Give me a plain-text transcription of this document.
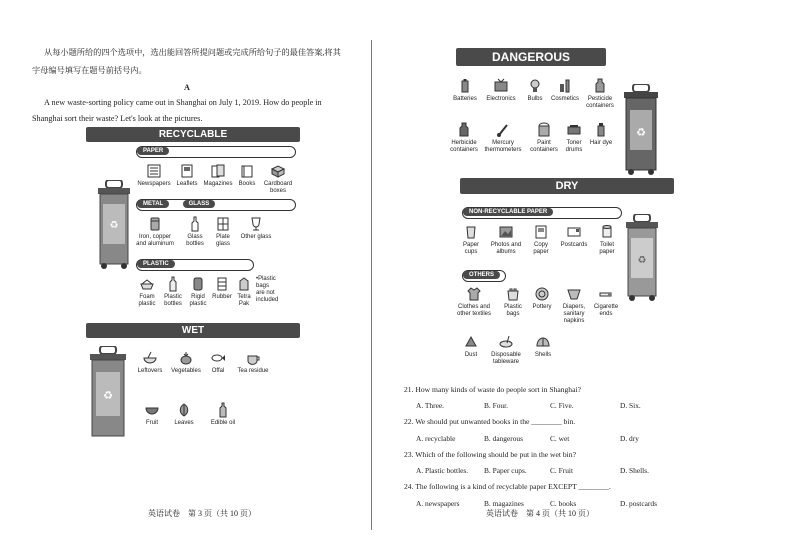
从每小题所给的四个选项中，选出能回答所提问题或完成所给句子的最佳答案,将其
字母编号填写在题号前括号内。
A
A new waste-sorting policy came out in Shanghai on July 1, 2019. How do people in
Shanghai sort their waste? Let's look at the pictures.
RECYCLABLE
♻
PAPER
Newspapers Leaflets Magazines	Books	Cardboard
boxes
METAL	GLASS
Iron, copper
and aluminum
Glass
bottles
Plate
glass
Other glass
PLASTIC
Foam
plastic
Plastic
bottles
Rigid
plastic
Rubber Tetra
Pak
•Plastic
bags
are not
included
WET
♻
Leftovers	Vegetables	Offal	Tea residue
Fruit	Leaves	Edible oil
英语试卷　第 3 页（共 10 页）
DANGEROUS
Batteries	Electronics	Bulbs	Cosmetics	Pesticide
containers
Herbicide
containers
Mercury
thermometers
Paint
containers
Toner
drums
Hair dye
♻
DRY
NON-RECYCLABLE PAPER
Paper
cups
Photos and
albums
Copy
paper
Postcards	Toilet
paper
♻
OTHERS
Clothes and
other textiles
Plastic
bags
Pottery	Diapers,
sanitary
napkins
Cigarette
ends
Dust	Disposable
tableware
Shells
21. How many kinds of waste do people sort in Shanghai?
A. Three.	B. Four.	C. Five.	D. Six.
22. We should put unwanted books in the ________ bin.
A. recyclable	B. dangerous	C. wet	D. dry
23. Which of the following should be put in the wet bin?
A. Plastic bottles. B. Paper cups.	C. Fruit	D. Shells.
24. The following is a kind of recyclable paper EXCEPT ________.
A. newspapers	B. magazines	C. books	D. postcards
英语试卷　第 4 页（共 10 页）
